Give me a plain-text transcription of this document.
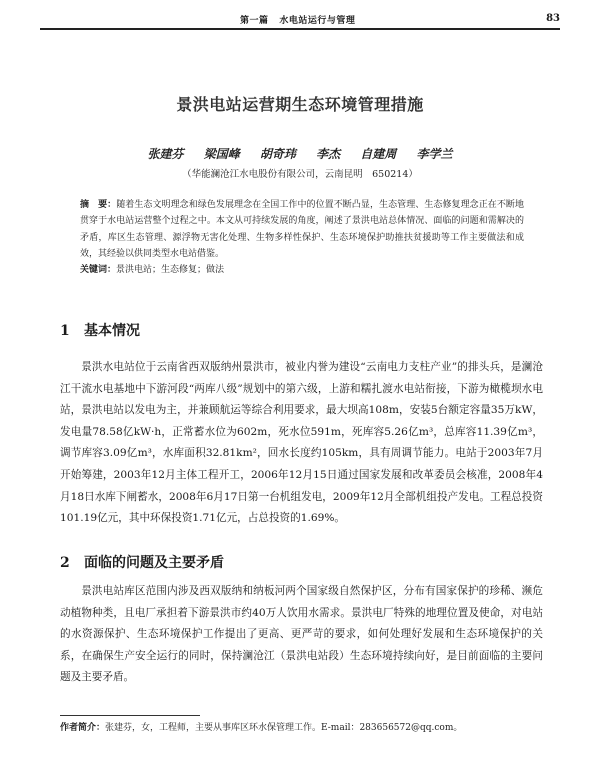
第一篇 水电站运行与管理	83
景洪电站运营期生态环境管理措施
张建芬 梁国峰 胡奇玮 李杰 自建周 李学兰
（华能澜沧江水电股份有限公司，云南昆明　650214）
摘　要：随着生态文明理念和绿色发展理念在全国工作中的位置不断凸显，生态管理、生态修复理念正在不断地贯穿于水电站运营整个过程之中。本文从可持续发展的角度，阐述了景洪电站总体情况、面临的问题和需解决的矛盾，库区生态管理、源浮物无害化处理、生物多样性保护、生态环境保护助推扶贫援助等工作主要做法和成效，其经验以供同类型水电站借鉴。
关键词：景洪电站；生态修复；做法
1 基本情况
景洪水电站位于云南省西双版纳州景洪市，被业内誉为建设“云南电力支柱产业”的排头兵，是澜沧江干流水电基地中下游河段“两库八级”规划中的第六级，上游和糯扎渡水电站衔接，下游为橄榄坝水电站，景洪电站以发电为主，并兼顾航运等综合利用要求，最大坝高108m，安装5台额定容量35万kW，发电量78.58亿kW·h，正常蓄水位为602m，死水位591m，死库容5.26亿m³，总库容11.39亿m³，调节库容3.09亿m³，水库面积32.81km²，回水长度约105km，具有周调节能力。电站于2003年7月开始筹建，2003年12月主体工程开工，2006年12月15日通过国家发展和改革委员会核准，2008年4月18日水库下闸蓄水，2008年6月17日第一台机组发电，2009年12月全部机组投产发电。工程总投资101.19亿元，其中环保投资1.71亿元，占总投资的1.69%。
2 面临的问题及主要矛盾
景洪电站库区范围内涉及西双版纳和纳板河两个国家级自然保护区，分布有国家保护的珍稀、濒危动植物种类，且电厂承担着下游景洪市约40万人饮用水需求。景洪电厂特殊的地理位置及使命，对电站的水资源保护、生态环境保护工作提出了更高、更严苛的要求，如何处理好发展和生态环境保护的关系，在确保生产安全运行的同时，保持澜沧江（景洪电站段）生态环境持续向好，是目前面临的主要问题及主要矛盾。
作者简介：张建芬，女，工程师，主要从事库区环水保管理工作。E-mail：283656572@qq.com。
